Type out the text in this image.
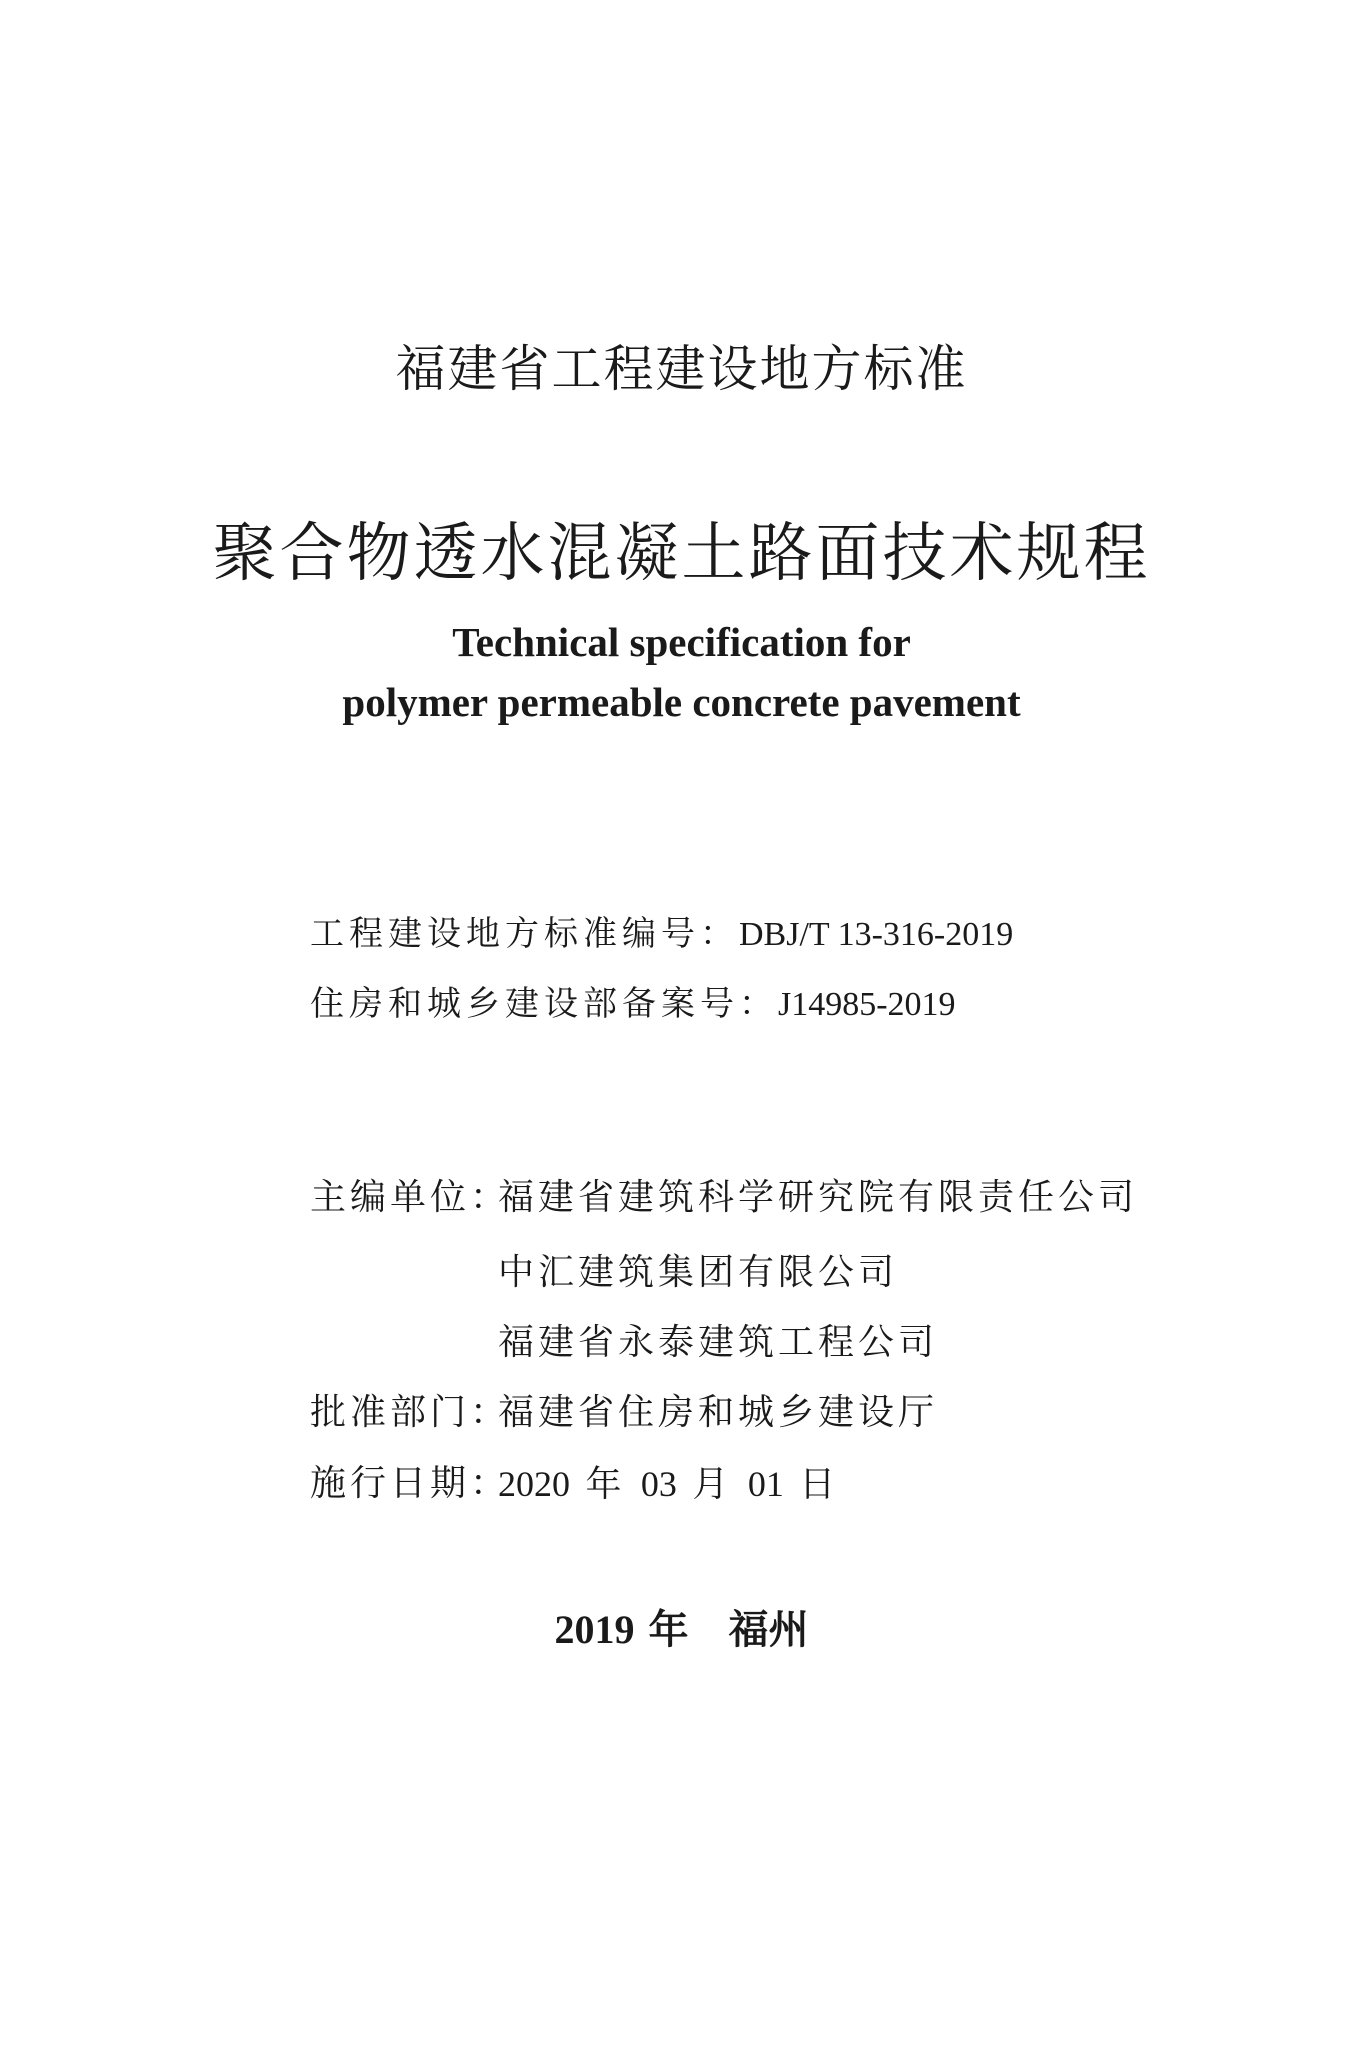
福建省工程建设地方标准
聚合物透水混凝土路面技术规程
Technical specification for
polymer permeable concrete pavement
工程建设地方标准编号：DBJ/T 13-316-2019
住房和城乡建设部备案号：J14985-2019
主编单位：
福建省建筑科学研究院有限责任公司
中汇建筑集团有限公司
福建省永泰建筑工程公司
批准部门：
福建省住房和城乡建设厅
施行日期：
2020 年 03 月 01 日
2019 年 福州
